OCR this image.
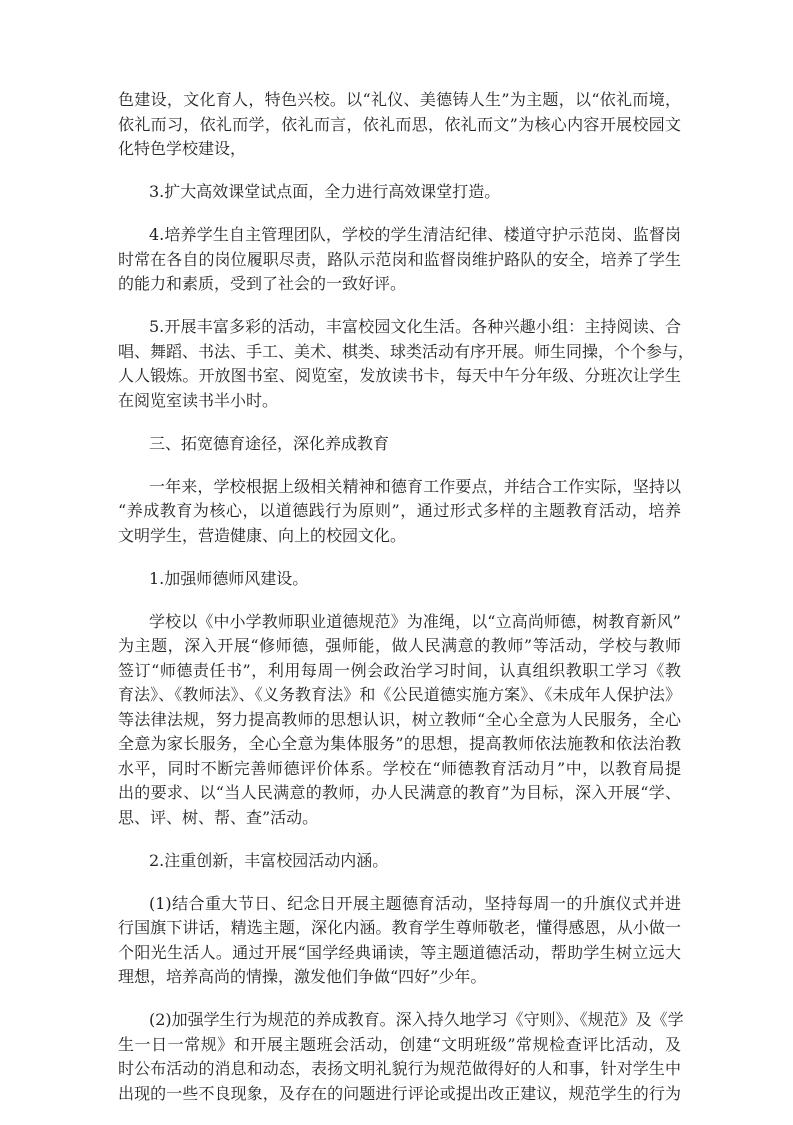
色建设，文化育人，特色兴校。以“礼仪、美德铸人生”为主题，以“依礼而境，
依礼而习，依礼而学，依礼而言，依礼而思，依礼而文”为核心内容开展校园文
化特色学校建设，
3.扩大高效课堂试点面，全力进行高效课堂打造。
4.培养学生自主管理团队，学校的学生清洁纪律、楼道守护示范岗、监督岗
时常在各自的岗位履职尽责，路队示范岗和监督岗维护路队的安全，培养了学生
的能力和素质，受到了社会的一致好评。
5.开展丰富多彩的活动，丰富校园文化生活。各种兴趣小组：主持阅读、合
唱、舞蹈、书法、手工、美术、棋类、球类活动有序开展。师生同操，个个参与，
人人锻炼。开放图书室、阅览室，发放读书卡，每天中午分年级、分班次让学生
在阅览室读书半小时。
三、拓宽德育途径，深化养成教育
一年来，学校根据上级相关精神和德育工作要点，并结合工作实际，坚持以
“养成教育为核心，以道德践行为原则”，通过形式多样的主题教育活动，培养
文明学生，营造健康、向上的校园文化。
1.加强师德师风建设。
学校以《中小学教师职业道德规范》为准绳，以“立高尚师德，树教育新风”
为主题，深入开展“修师德，强师能，做人民满意的教师”等活动，学校与教师
签订“师德责任书”，利用每周一例会政治学习时间，认真组织教职工学习《教
育法》、《教师法》、《义务教育法》和《公民道德实施方案》、《未成年人保护法》
等法律法规，努力提高教师的思想认识，树立教师“全心全意为人民服务，全心
全意为家长服务，全心全意为集体服务”的思想，提高教师依法施教和依法治教
水平，同时不断完善师德评价体系。学校在“师德教育活动月”中，以教育局提
出的要求、以“当人民满意的教师，办人民满意的教育”为目标，深入开展“学、
思、评、树、帮、查”活动。
2.注重创新，丰富校园活动内涵。
(1)结合重大节日、纪念日开展主题德育活动，坚持每周一的升旗仪式并进
行国旗下讲话，精选主题，深化内涵。教育学生尊师敬老，懂得感恩，从小做一
个阳光生活人。通过开展“国学经典诵读，等主题道德活动，帮助学生树立远大
理想，培养高尚的情操，激发他们争做“四好”少年。
(2)加强学生行为规范的养成教育。深入持久地学习《守则》、《规范》及《学
生一日一常规》和开展主题班会活动，创建“文明班级”常规检查评比活动，及
时公布活动的消息和动态，表扬文明礼貌行为规范做得好的人和事，针对学生中
出现的一些不良现象，及存在的问题进行评论或提出改正建议，规范学生的行为
